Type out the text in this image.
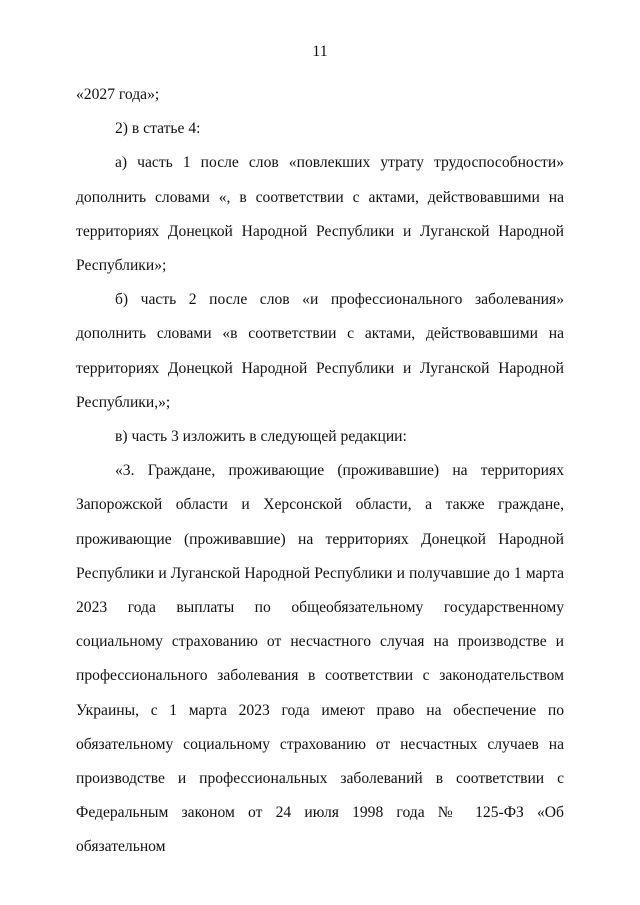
11

«2027 года»;

2) в статье 4:

а) часть 1 после слов «повлекших утрату трудоспособности» дополнить словами «, в соответствии с актами, действовавшими на территориях Донецкой Народной Республики и Луганской Народной Республики»;

б) часть 2 после слов «и профессионального заболевания» дополнить словами «в соответствии с актами, действовавшими на территориях Донецкой Народной Республики и Луганской Народной Республики,»;

в) часть 3 изложить в следующей редакции:

«3. Граждане, проживающие (проживавшие) на территориях Запорожской области и Херсонской области, а также граждане, проживающие (проживавшие) на территориях Донецкой Народной Республики и Луганской Народной Республики и получавшие до 1 марта 2023 года выплаты по общеобязательному государственному социальному страхованию от несчастного случая на производстве и профессионального заболевания в соответствии с законодательством Украины, с 1 марта 2023 года имеют право на обеспечение по обязательному социальному страхованию от несчастных случаев на производстве и профессиональных заболеваний в соответствии с Федеральным законом от 24 июля 1998 года № 125-ФЗ «Об обязательном
